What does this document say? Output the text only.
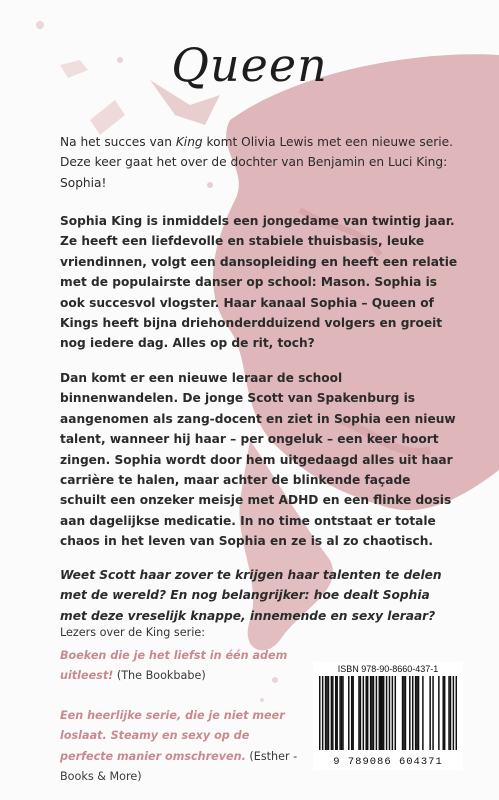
Queen

Na het succes van King komt Olivia Lewis met een nieuwe serie. Deze keer gaat het over de dochter van Benjamin en Luci King: Sophia!

Sophia King is inmiddels een jongedame van twintig jaar. Ze heeft een liefdevolle en stabiele thuisbasis, leuke vriendinnen, volgt een dansopleiding en heeft een relatie met de populairste danser op school: Mason. Sophia is ook succesvol vlogster. Haar kanaal Sophia – Queen of Kings heeft bijna driehonderdduizend volgers en groeit nog iedere dag. Alles op de rit, toch?

Dan komt er een nieuwe leraar de school binnenwandelen. De jonge Scott van Spakenburg is aangenomen als zang-docent en ziet in Sophia een nieuw talent, wanneer hij haar – per ongeluk – een keer hoort zingen. Sophia wordt door hem uitgedaagd alles uit haar carrière te halen, maar achter de blinkende façade schuilt een onzeker meisje met ADHD en een flinke dosis aan dagelijkse medicatie. In no time ontstaat er totale chaos in het leven van Sophia en ze is al zo chaotisch.

Weet Scott haar zover te krijgen haar talenten te delen met de wereld? En nog belangrijker: hoe dealt Sophia met deze vreselijk knappe, innemende en sexy leraar?

Lezers over de King serie:

Boeken die je het liefst in één adem uitleest! (The Bookbabe)

Een heerlijke serie, die je niet meer loslaat. Steamy en sexy op de perfecte manier omschreven. (Esther - Books & More)

ISBN 978-90-8660-437-1
9 789086 604371
